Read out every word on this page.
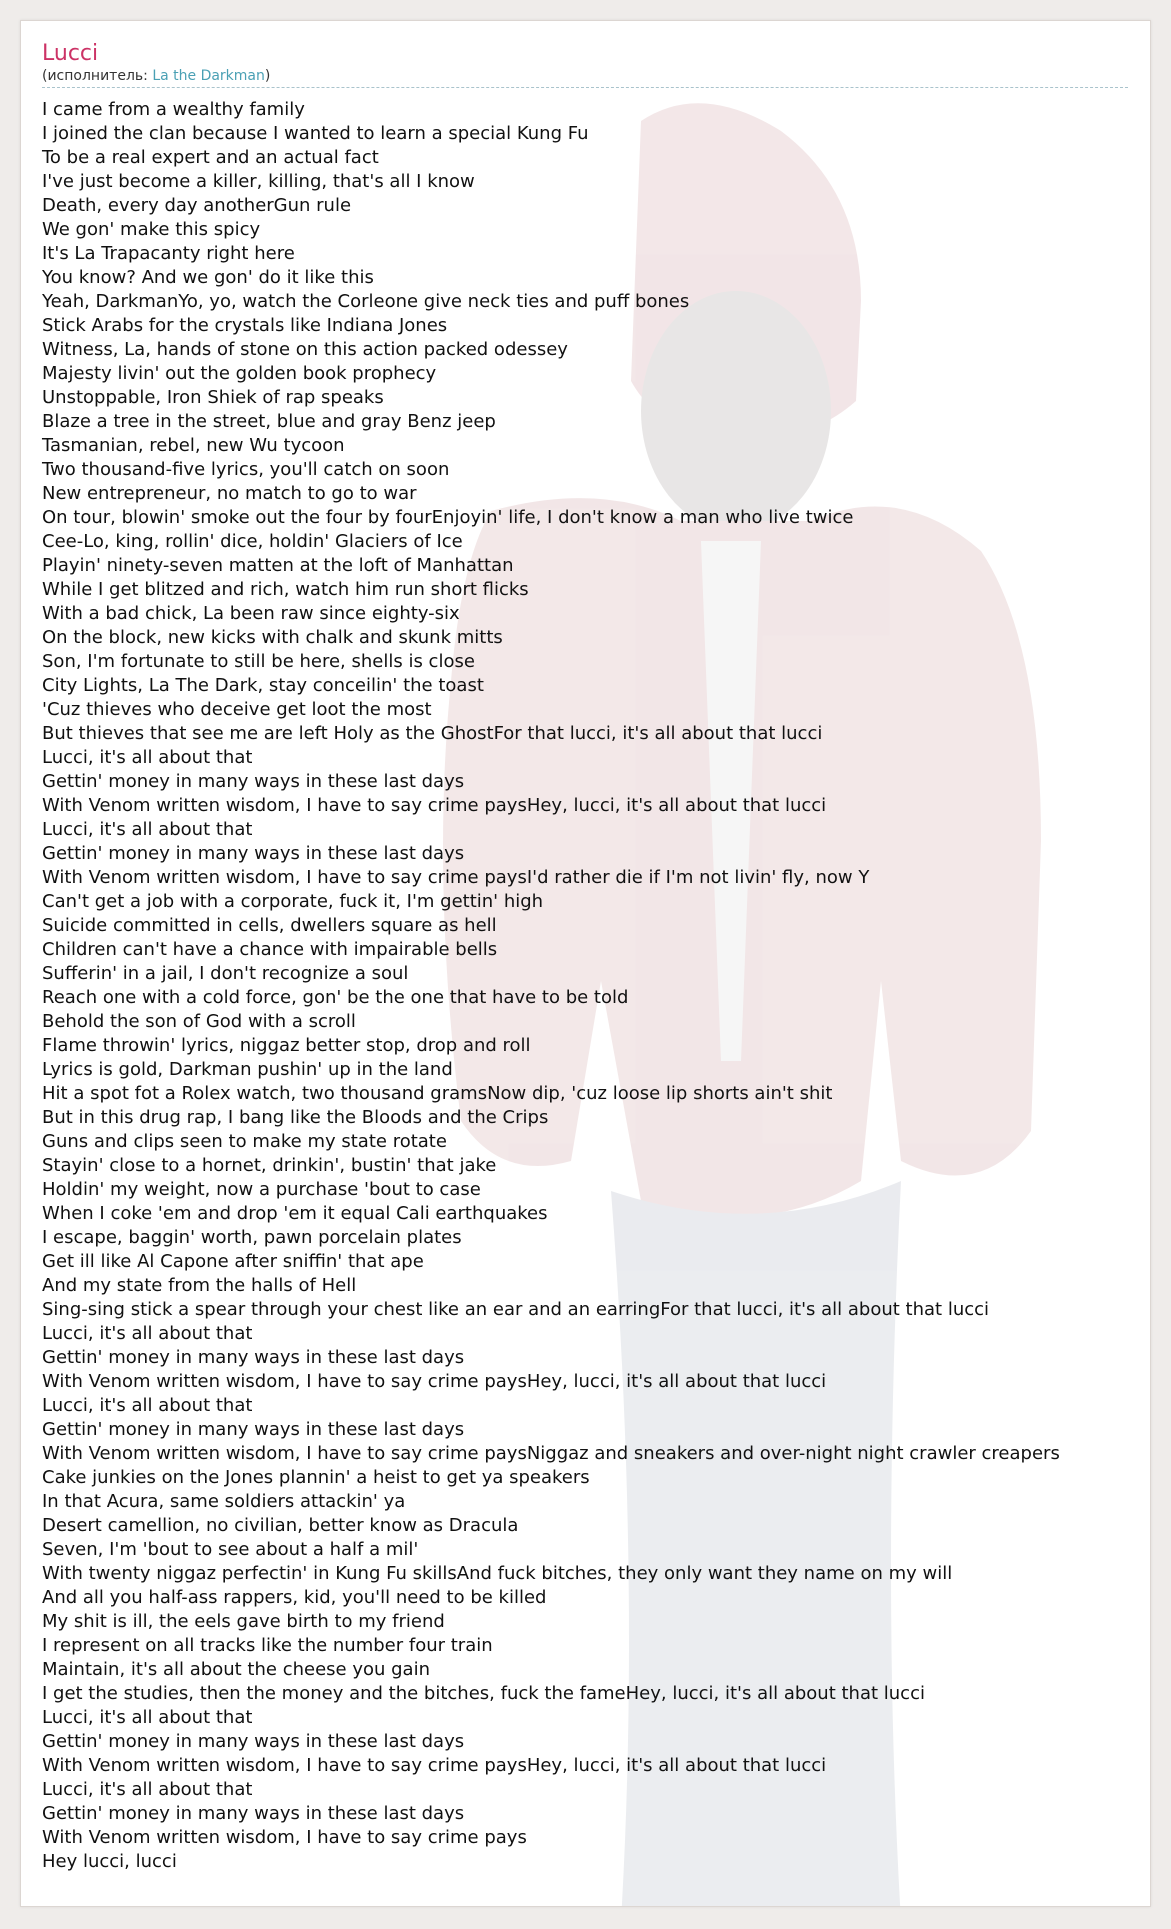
Lucci
(исполнитель: La the Darkman)
I came from a wealthy family
I joined the clan because I wanted to learn a special Kung Fu
To be a real expert and an actual fact
I've just become a killer, killing, that's all I know
Death, every day anotherGun rule
We gon' make this spicy
It's La Trapacanty right here
You know? And we gon' do it like this
Yeah, DarkmanYo, yo, watch the Corleone give neck ties and puff bones
Stick Arabs for the crystals like Indiana Jones
Witness, La, hands of stone on this action packed odessey
Majesty livin' out the golden book prophecy
Unstoppable, Iron Shiek of rap speaks
Blaze a tree in the street, blue and gray Benz jeep
Tasmanian, rebel, new Wu tycoon
Two thousand-five lyrics, you'll catch on soon
New entrepreneur, no match to go to war
On tour, blowin' smoke out the four by fourEnjoyin' life, I don't know a man who live twice
Cee-Lo, king, rollin' dice, holdin' Glaciers of Ice
Playin' ninety-seven matten at the loft of Manhattan
While I get blitzed and rich, watch him run short flicks
With a bad chick, La been raw since eighty-six
On the block, new kicks with chalk and skunk mitts
Son, I'm fortunate to still be here, shells is close
City Lights, La The Dark, stay conceilin' the toast
'Cuz thieves who deceive get loot the most
But thieves that see me are left Holy as the GhostFor that lucci, it's all about that lucci
Lucci, it's all about that
Gettin' money in many ways in these last days
With Venom written wisdom, I have to say crime paysHey, lucci, it's all about that lucci
Lucci, it's all about that
Gettin' money in many ways in these last days
With Venom written wisdom, I have to say crime paysI'd rather die if I'm not livin' fly, now Y
Can't get a job with a corporate, fuck it, I'm gettin' high
Suicide committed in cells, dwellers square as hell
Children can't have a chance with impairable bells
Sufferin' in a jail, I don't recognize a soul
Reach one with a cold force, gon' be the one that have to be told
Behold the son of God with a scroll
Flame throwin' lyrics, niggaz better stop, drop and roll
Lyrics is gold, Darkman pushin' up in the land
Hit a spot fot a Rolex watch, two thousand gramsNow dip, 'cuz loose lip shorts ain't shit
But in this drug rap, I bang like the Bloods and the Crips
Guns and clips seen to make my state rotate
Stayin' close to a hornet, drinkin', bustin' that jake
Holdin' my weight, now a purchase 'bout to case
When I coke 'em and drop 'em it equal Cali earthquakes
I escape, baggin' worth, pawn porcelain plates
Get ill like Al Capone after sniffin' that ape
And my state from the halls of Hell
Sing-sing stick a spear through your chest like an ear and an earringFor that lucci, it's all about that lucci
Lucci, it's all about that
Gettin' money in many ways in these last days
With Venom written wisdom, I have to say crime paysHey, lucci, it's all about that lucci
Lucci, it's all about that
Gettin' money in many ways in these last days
With Venom written wisdom, I have to say crime paysNiggaz and sneakers and over-night night crawler creapers
Cake junkies on the Jones plannin' a heist to get ya speakers
In that Acura, same soldiers attackin' ya
Desert camellion, no civilian, better know as Dracula
Seven, I'm 'bout to see about a half a mil'
With twenty niggaz perfectin' in Kung Fu skillsAnd fuck bitches, they only want they name on my will
And all you half-ass rappers, kid, you'll need to be killed
My shit is ill, the eels gave birth to my friend
I represent on all tracks like the number four train
Maintain, it's all about the cheese you gain
I get the studies, then the money and the bitches, fuck the fameHey, lucci, it's all about that lucci
Lucci, it's all about that
Gettin' money in many ways in these last days
With Venom written wisdom, I have to say crime paysHey, lucci, it's all about that lucci
Lucci, it's all about that
Gettin' money in many ways in these last days
With Venom written wisdom, I have to say crime pays
Hey lucci, lucci
